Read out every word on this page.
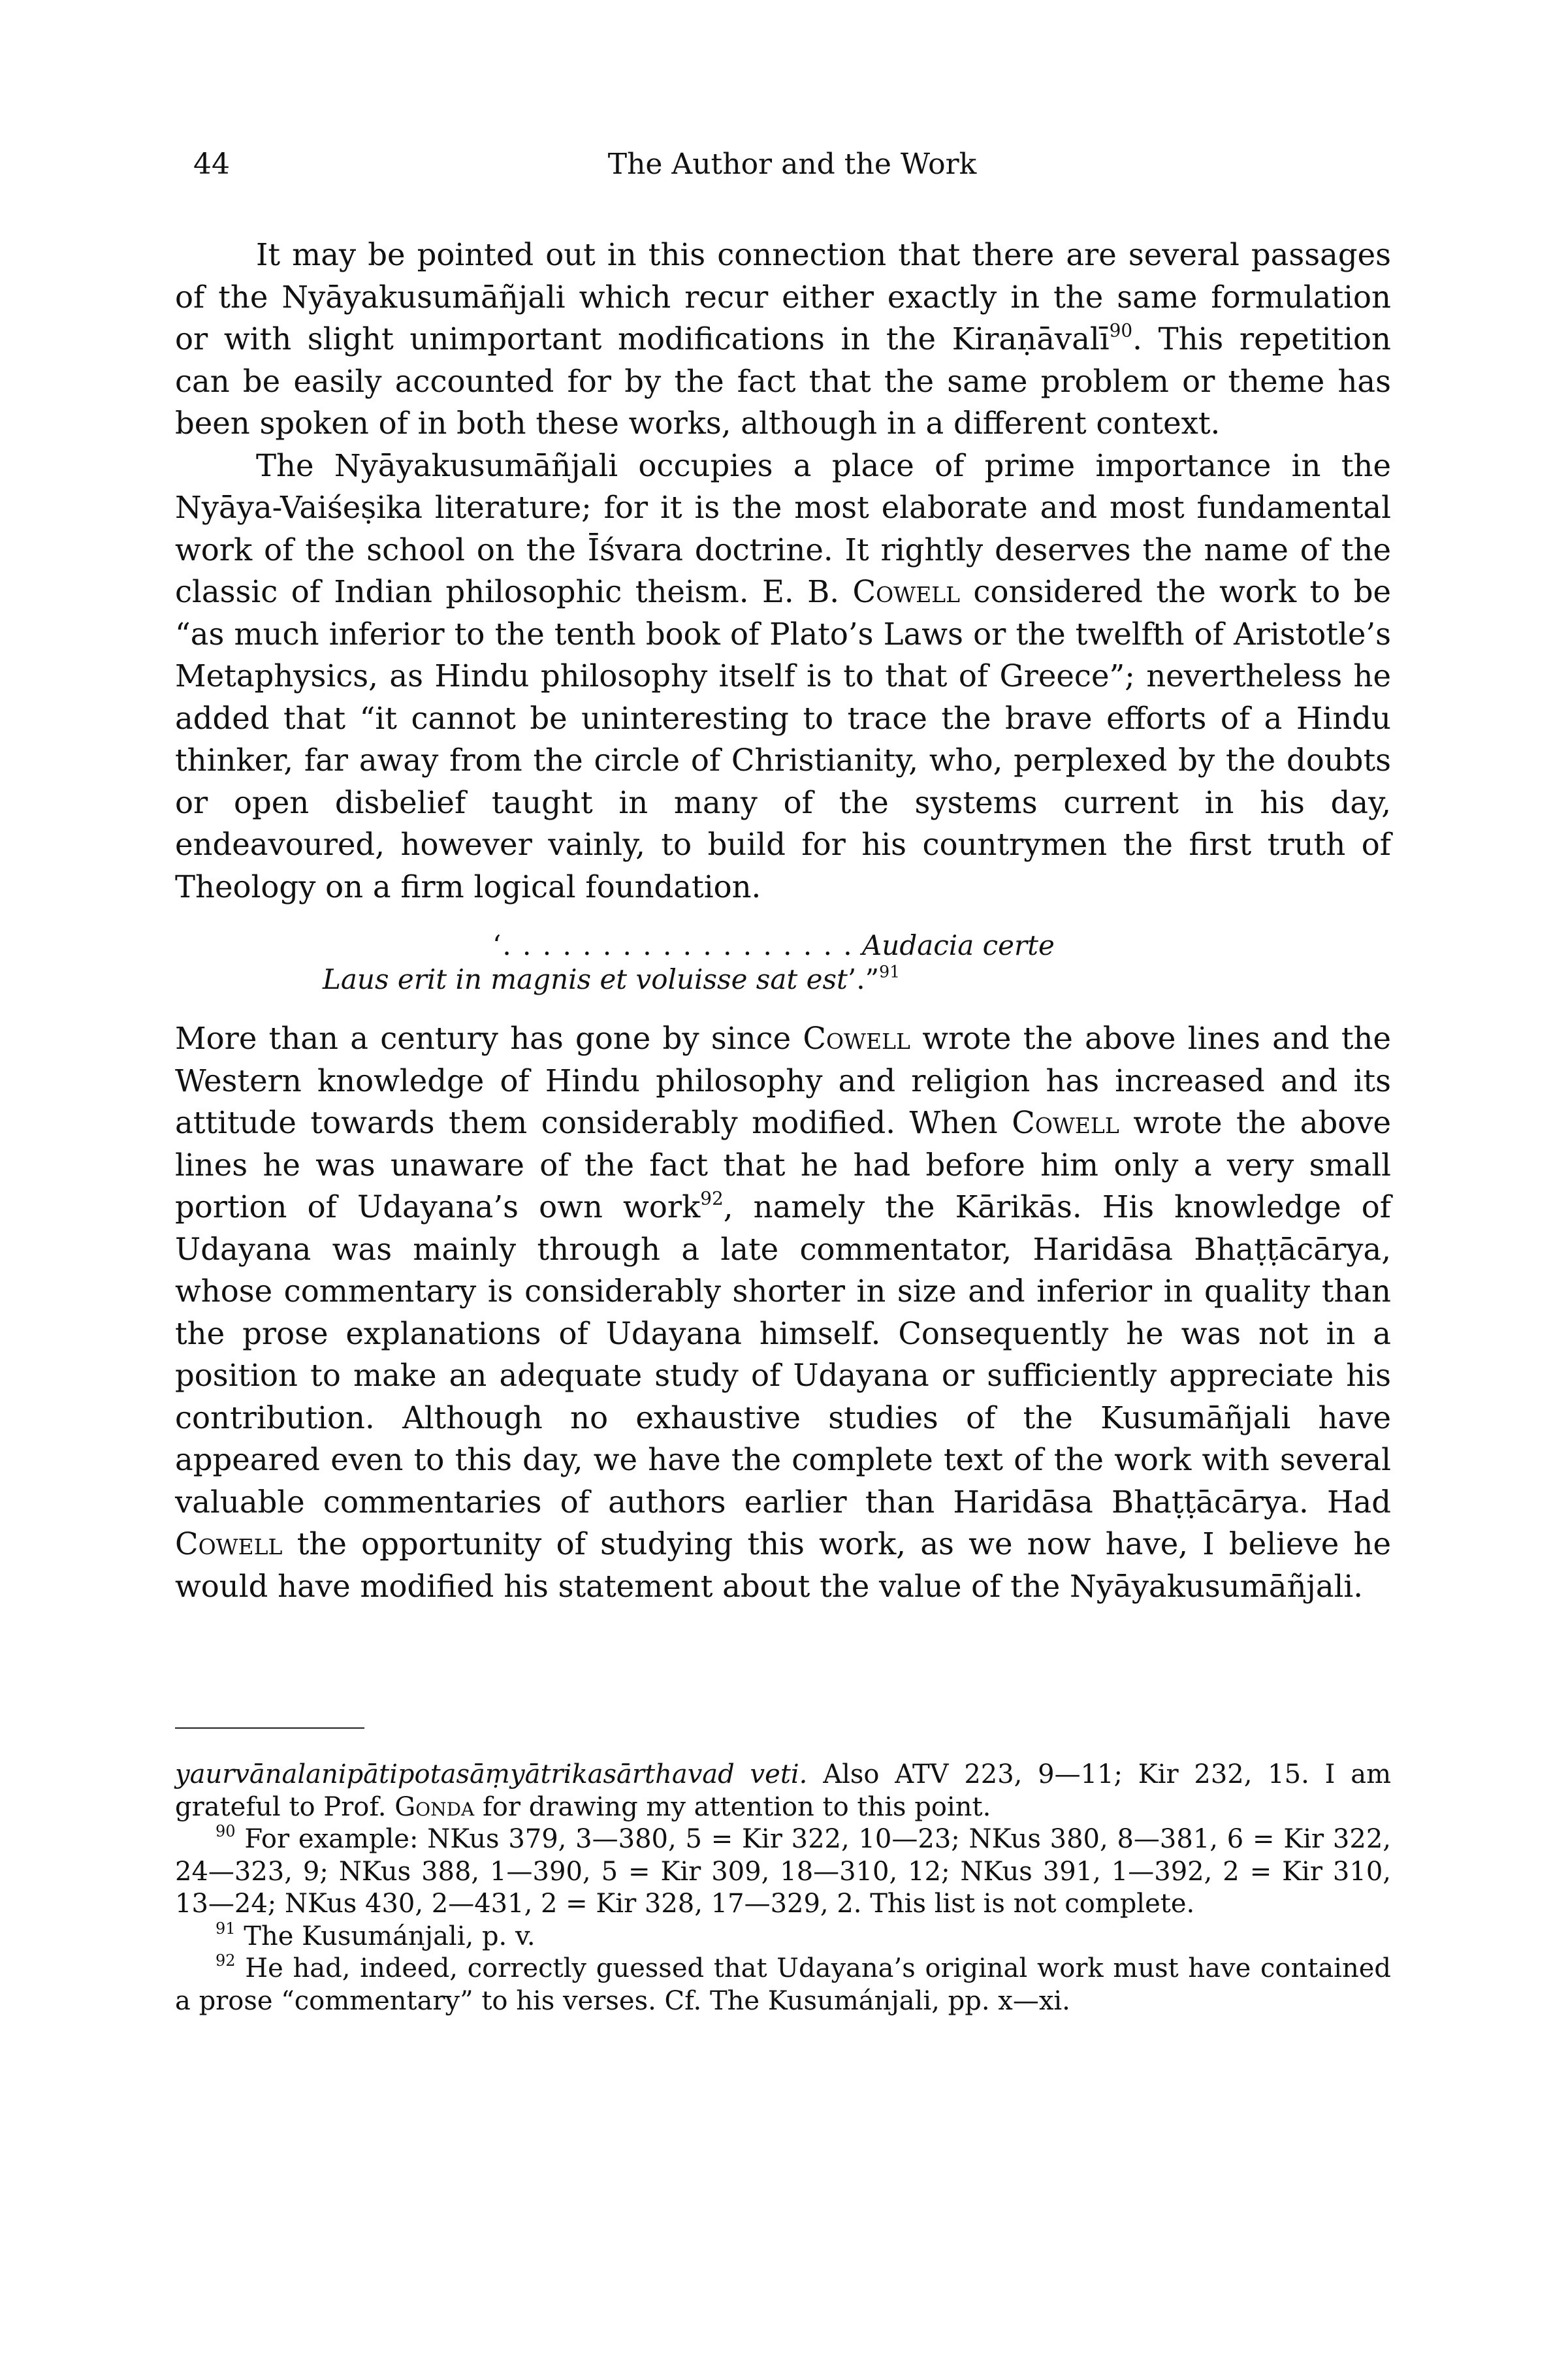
44	The Author and the Work

It may be pointed out in this connection that there are several passages of the Nyāyakusumāñjali which recur either exactly in the same formulation or with slight unimportant modifications in the Kiraṇāvalī$^{90}$. This repetition can be easily accounted for by the fact that the same problem or theme has been spoken of in both these works, although in a different context.

The Nyāyakusumāñjali occupies a place of prime importance in the Nyāya-Vaiśeṣika literature; for it is the most elaborate and most fundamental work of the school on the Īśvara doctrine. It rightly deserves the name of the classic of Indian philosophic theism. E. B. Cowell considered the work to be “as much inferior to the tenth book of Plato’s Laws or the twelfth of Aristotle’s Metaphysics, as Hindu philosophy itself is to that of Greece”; nevertheless he added that “it cannot be uninteresting to trace the brave efforts of a Hindu thinker, far away from the circle of Christianity, who, perplexed by the doubts or open disbelief taught in many of the systems current in his day, endeavoured, however vainly, to build for his countrymen the first truth of Theology on a firm logical foundation.

‘. . . . . . . . . . . . . . . . . . Audacia certe
Laus erit in magnis et voluisse sat est’.”$^{91}$

More than a century has gone by since Cowell wrote the above lines and the Western knowledge of Hindu philosophy and religion has increased and its attitude towards them considerably modified. When Cowell wrote the above lines he was unaware of the fact that he had before him only a very small portion of Udayana’s own work$^{92}$, namely the Kārikās. His knowledge of Udayana was mainly through a late commentator, Haridāsa Bhaṭṭācārya, whose commentary is considerably shorter in size and inferior in quality than the prose explanations of Udayana himself. Consequently he was not in a position to make an adequate study of Udayana or sufficiently appreciate his contribution. Although no exhaustive studies of the Kusumāñjali have appeared even to this day, we have the complete text of the work with several valuable commentaries of authors earlier than Haridāsa Bhaṭṭācārya. Had Cowell the opportunity of studying this work, as we now have, I believe he would have modified his statement about the value of the Nyāyakusumāñjali.

yaurvānalanipātipotasāṃyātrikasārthavad veti. Also ATV 223, 9—11; Kir 232, 15. I am grateful to Prof. Gonda for drawing my attention to this point.

$^{90}$ For example: NKus 379, 3—380, 5 = Kir 322, 10—23; NKus 380, 8—381, 6 = Kir 322, 24—323, 9; NKus 388, 1—390, 5 = Kir 309, 18—310, 12; NKus 391, 1—392, 2 = Kir 310, 13—24; NKus 430, 2—431, 2 = Kir 328, 17—329, 2. This list is not complete.

$^{91}$ The Kusumánjali, p. v.

$^{92}$ He had, indeed, correctly guessed that Udayana’s original work must have contained a prose “commentary” to his verses. Cf. The Kusumánjali, pp. x—xi.
